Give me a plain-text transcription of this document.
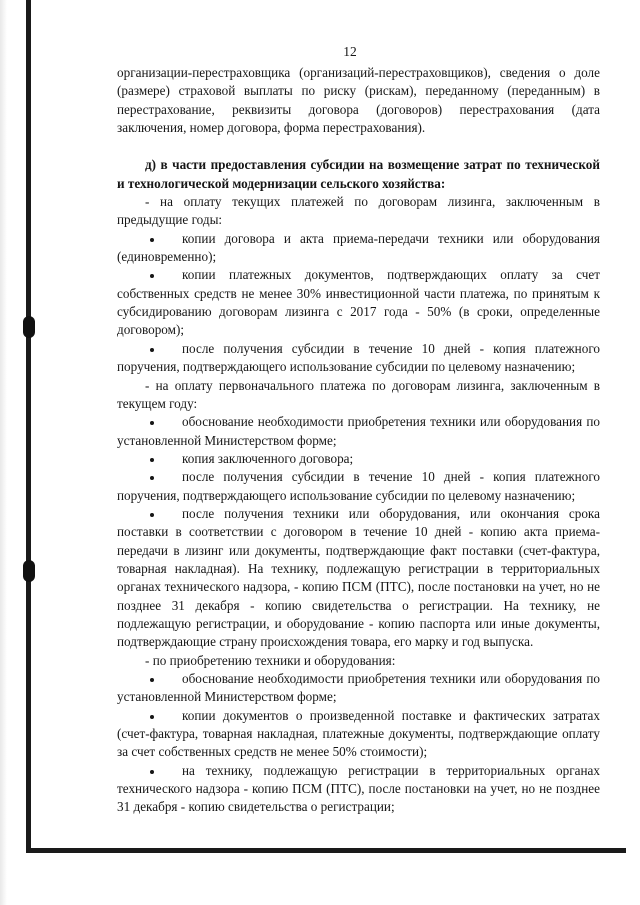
12

организации-перестраховщика (организаций-перестраховщиков), сведения о доле (размере) страховой выплаты по риску (рискам), переданному (переданным) в перестрахование, реквизиты договора (договоров) перестрахования (дата заключения, номер договора, форма перестрахования).

д) в части предоставления субсидии на возмещение затрат по технической и технологической модернизации сельского хозяйства:

- на оплату текущих платежей по договорам лизинга, заключенным в предыдущие годы:

копии договора и акта приема-передачи техники или оборудования (единовременно);

копии платежных документов, подтверждающих оплату за счет собственных средств не менее 30% инвестиционной части платежа, по принятым к субсидированию договорам лизинга с 2017 года - 50% (в сроки, определенные договором);

после получения субсидии в течение 10 дней - копия платежного поручения, подтверждающего использование субсидии по целевому назначению;

- на оплату первоначального платежа по договорам лизинга, заключенным в текущем году:

обоснование необходимости приобретения техники или оборудования по установленной Министерством форме;

копия заключенного договора;

после получения субсидии в течение 10 дней - копия платежного поручения, подтверждающего использование субсидии по целевому назначению;

после получения техники или оборудования, или окончания срока поставки в соответствии с договором в течение 10 дней - копию акта приема-передачи в лизинг или документы, подтверждающие факт поставки (счет-фактура, товарная накладная). На технику, подлежащую регистрации в территориальных органах технического надзора, - копию ПСМ (ПТС), после постановки на учет, но не позднее 31 декабря - копию свидетельства о регистрации. На технику, не подлежащую регистрации, и оборудование - копию паспорта или иные документы, подтверждающие страну происхождения товара, его марку и год выпуска.

- по приобретению техники и оборудования:

обоснование необходимости приобретения техники или оборудования по установленной Министерством форме;

копии документов о произведенной поставке и фактических затратах (счет-фактура, товарная накладная, платежные документы, подтверждающие оплату за счет собственных средств не менее 50% стоимости);

на технику, подлежащую регистрации в территориальных органах технического надзора - копию ПСМ (ПТС), после постановки на учет, но не позднее 31 декабря - копию свидетельства о регистрации;
